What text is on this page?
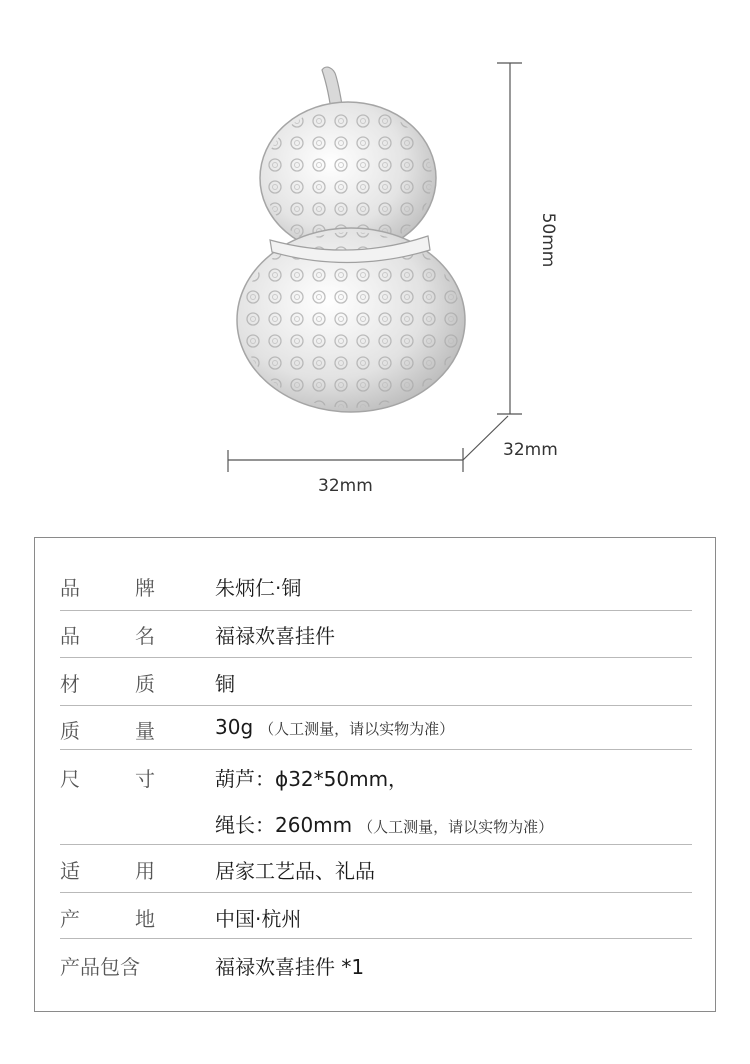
50mm
32mm
32mm
品	牌	朱炳仁·铜
品	名	福禄欢喜挂件
材	质	铜
质	量	30g （人工测量，请以实物为准）
尺	寸	葫芦：ϕ32*50mm，
绳长：260mm （人工测量，请以实物为准）
适	用	居家工艺品、礼品
产	地	中国·杭州
产品包含	福禄欢喜挂件 *1
